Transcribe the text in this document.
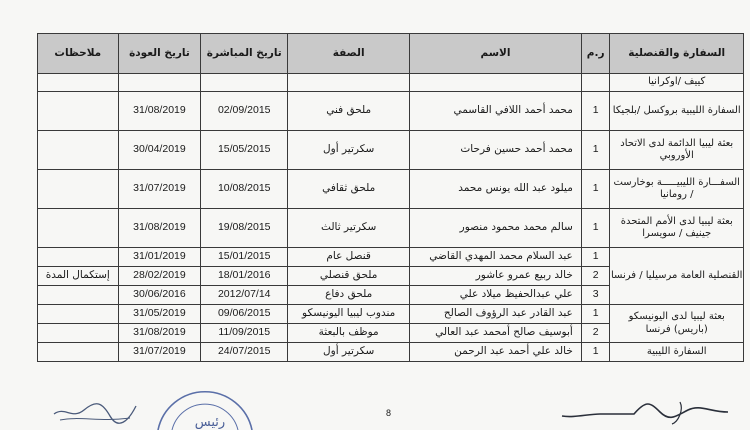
السفارة والقنصلية	ر.م	الاسم	الصفة	تاريخ المباشرة	تاريخ العودة	ملاحظات
كييف /اوكرانيا						
السفارة الليبية بروكسل /بلجيكا	1	محمد أحمد اللافي القاسمي	ملحق فني	02/09/2015	31/08/2019	
بعثة ليبيا الدائمة لدى الاتحاد الأوروبي	1	محمد أحمد حسين فرحات	سكرتير أول	15/05/2015	30/04/2019	
السفـــارة الليبيـــــة بوخارست / رومانيا	1	ميلود عبد الله يونس محمد	ملحق ثقافي	10/08/2015	31/07/2019	
بعثة ليبيا لدى الأمم المتحدة جينيف / سويسرا	1	سالم محمد محمود منصور	سكرتير ثالث	19/08/2015	31/08/2019	
القنصلية العامة مرسيليا / فرنسا	1	عبد السلام محمد المهدي القاضي	قنصل عام	15/01/2015	31/01/2019	
	2	خالد ربيع عمرو عاشور	ملحق قنصلي	18/01/2016	28/02/2019	إستكمال المدة
	3	علي عبدالحفيظ ميلاد علي	ملحق دفاع	2012/07/14	30/06/2016	
بعثة ليبيا لدى اليونيسكو (باريس) فرنسا	1	عبد القادر عبد الرؤوف الصالح	مندوب ليبيا اليونيسكو	09/06/2015	31/05/2019	
	2	أبوسيف صالح أمحمد عبد العالي	موظف بالبعثة	11/09/2015	31/08/2019	
السفارة الليبية	1	خالد علي أحمد عبد الرحمن	سكرتير أول	24/07/2015	31/07/2019	
رئيس
8
